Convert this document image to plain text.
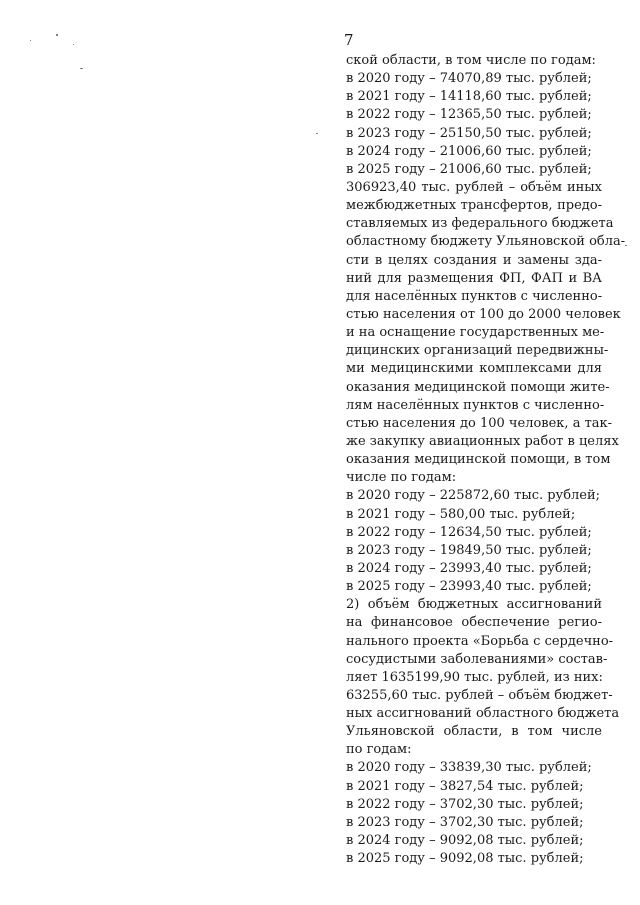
7
ской области, в том числе по годам:
в 2020 году – 74070,89 тыс. рублей;
в 2021 году – 14118,60 тыс. рублей;
в 2022 году – 12365,50 тыс. рублей;
в 2023 году – 25150,50 тыс. рублей;
в 2024 году – 21006,60 тыс. рублей;
в 2025 году – 21006,60 тыс. рублей;
306923,40 тыс. рублей – объём иных
межбюджетных трансфертов, предо-
ставляемых из федерального бюджета
областному бюджету Ульяновской обла-
сти в целях создания и замены зда-
ний для размещения ФП, ФАП и ВА
для населённых пунктов с численно-
стью населения от 100 до 2000 человек
и на оснащение государственных ме-
дицинских организаций передвижны-
ми медицинскими комплексами для
оказания медицинской помощи жите-
лям населённых пунктов с численно-
стью населения до 100 человек, а так-
же закупку авиационных работ в целях
оказания медицинской помощи, в том
числе по годам:
в 2020 году – 225872,60 тыс. рублей;
в 2021 году – 580,00 тыс. рублей;
в 2022 году – 12634,50 тыс. рублей;
в 2023 году – 19849,50 тыс. рублей;
в 2024 году – 23993,40 тыс. рублей;
в 2025 году – 23993,40 тыс. рублей;
2) объём бюджетных ассигнований
на финансовое обеспечение регио-
нального проекта «Борьба с сердечно-
сосудистыми заболеваниями» состав-
ляет 1635199,90 тыс. рублей, из них:
63255,60 тыс. рублей – объём бюджет-
ных ассигнований областного бюджета
Ульяновской области, в том числе
по годам:
в 2020 году – 33839,30 тыс. рублей;
в 2021 году – 3827,54 тыс. рублей;
в 2022 году – 3702,30 тыс. рублей;
в 2023 году – 3702,30 тыс. рублей;
в 2024 году – 9092,08 тыс. рублей;
в 2025 году – 9092,08 тыс. рублей;
